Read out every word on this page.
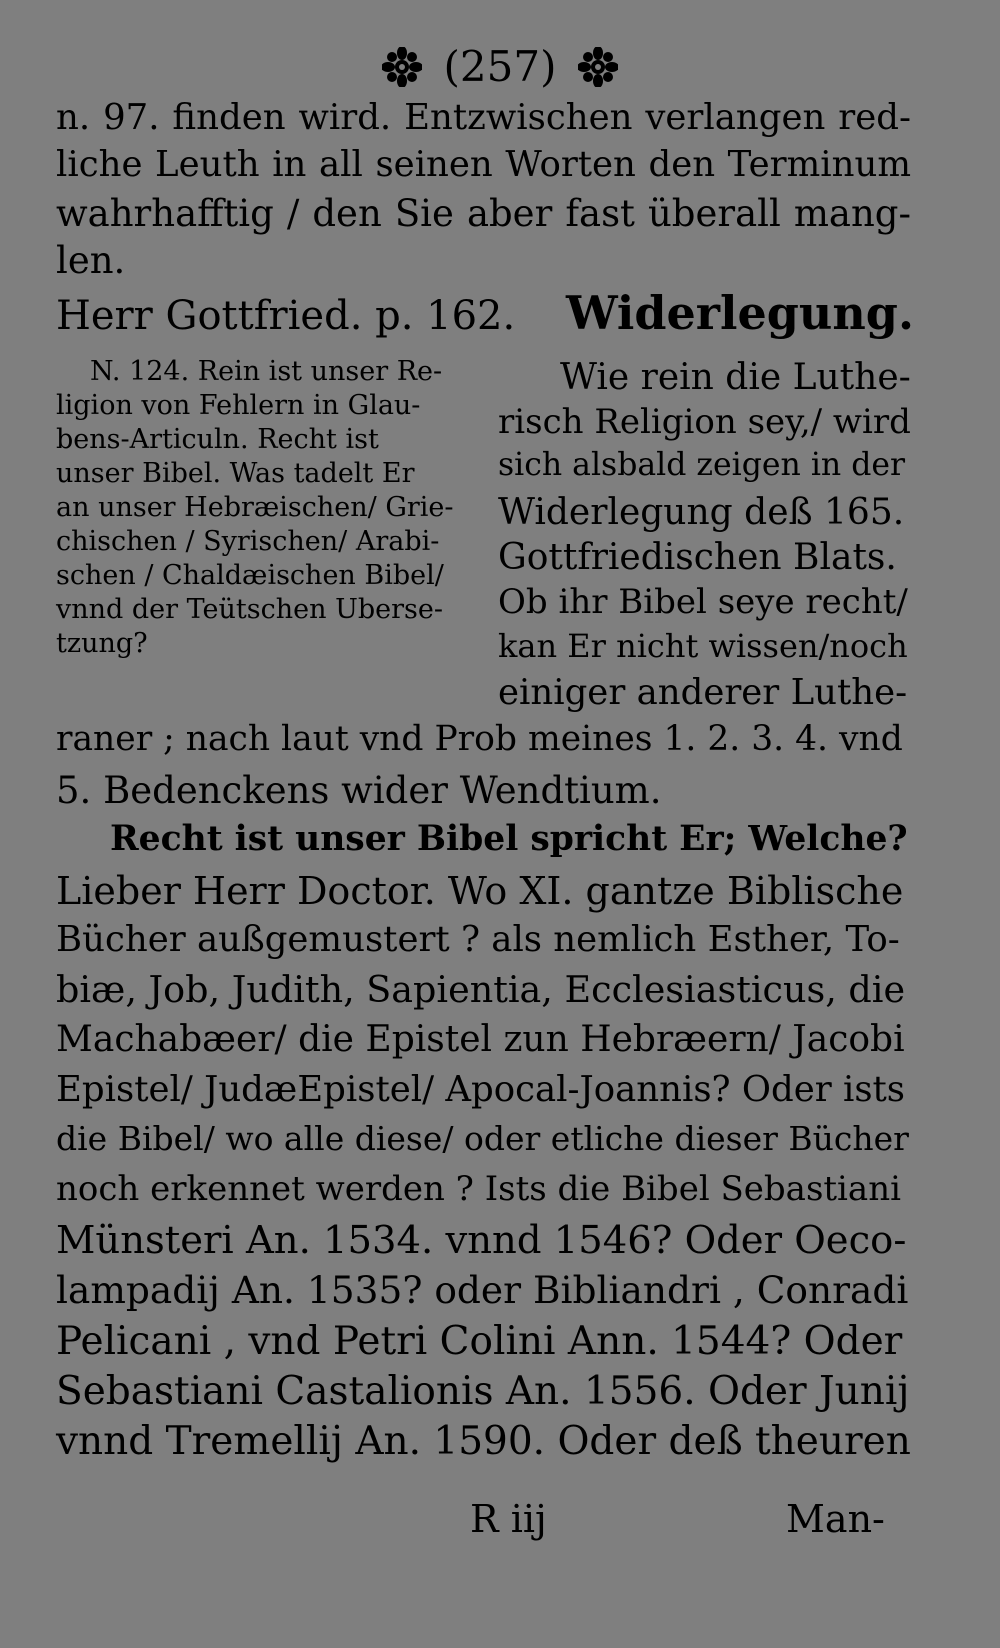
(257)
n. 97. finden wird. Entzwischen verlangen red-
liche Leuth in all seinen Worten den Terminum
wahrhafftig / den Sie aber fast überall mang-
len.
Herr Gottfried. p. 162. Widerlegung.
N. 124. Rein ist unser Re-
ligion von Fehlern in Glau-
bens-Articuln. Recht ist
unser Bibel. Was tadelt Er
an unser Hebræischen/ Grie-
chischen / Syrischen/ Arabi-
schen / Chaldæischen Bibel/
vnnd der Teütschen Uberse-
tzung?
Wie rein die Luthe-
risch Religion sey,/ wird
sich alsbald zeigen in der
Widerlegung deß 165.
Gottfriedischen Blats.
Ob ihr Bibel seye recht/
kan Er nicht wissen/noch
einiger anderer Luthe-
raner ; nach laut vnd Prob meines 1. 2. 3. 4. vnd
5. Bedenckens wider Wendtium.
Recht ist unser Bibel spricht Er; Welche?
Lieber Herr Doctor. Wo XI. gantze Biblische
Bücher außgemustert ? als nemlich Esther, To-
biæ, Job, Judith, Sapientia, Ecclesiasticus, die
Machabæer/ die Epistel zun Hebræern/ Jacobi
Epistel/ JudæEpistel/ Apocal-Joannis? Oder ists
die Bibel/ wo alle diese/ oder etliche dieser Bücher
noch erkennet werden ? Ists die Bibel Sebastiani
Münsteri An. 1534. vnnd 1546? Oder Oeco-
lampadij An. 1535? oder Bibliandri , Conradi
Pelicani , vnd Petri Colini Ann. 1544? Oder
Sebastiani Castalionis An. 1556. Oder Junij
vnnd Tremellij An. 1590. Oder deß theuren
R iij	Man-
